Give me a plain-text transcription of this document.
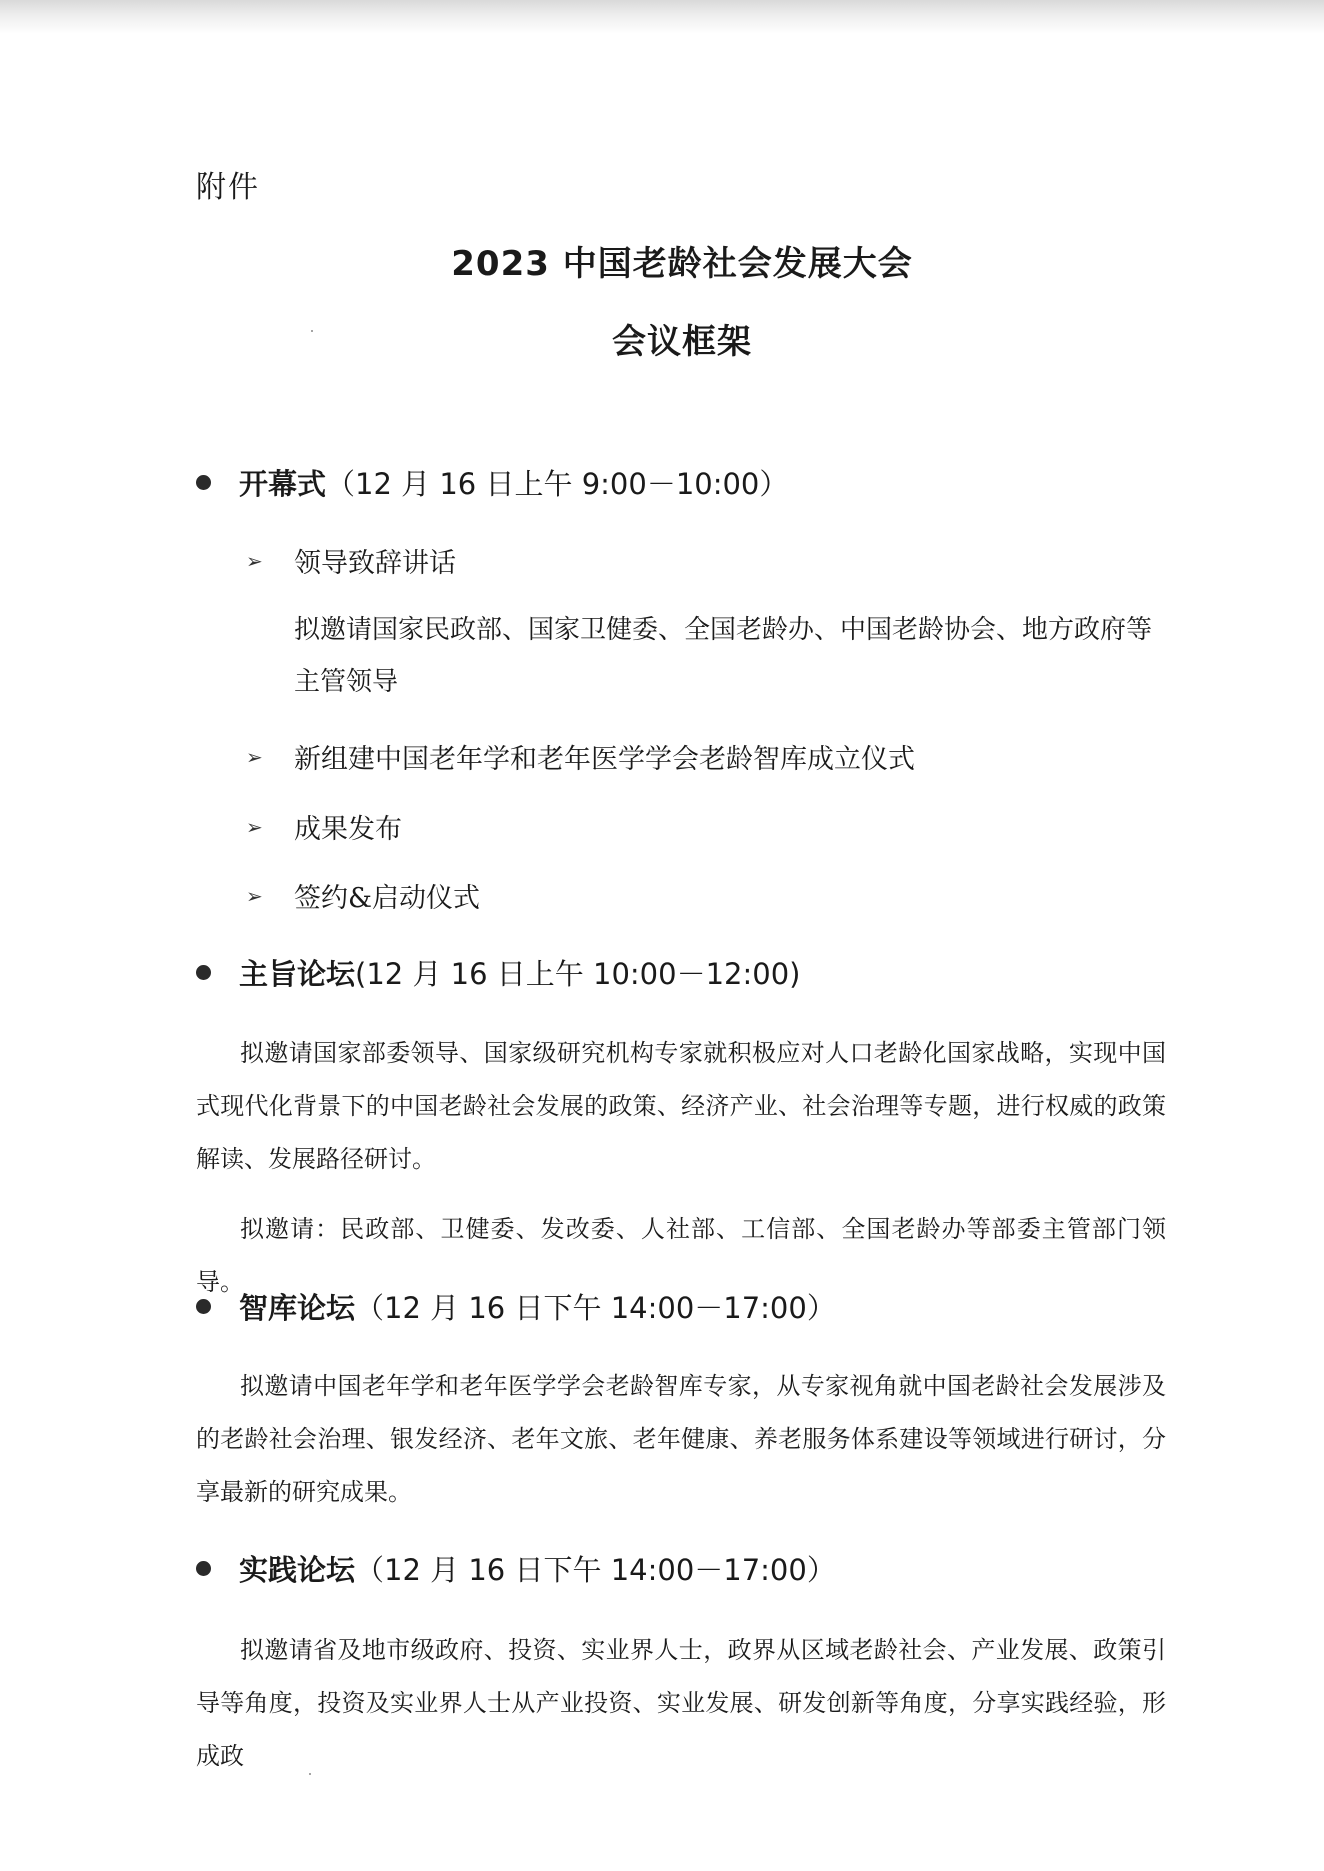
附件
2023 中国老龄社会发展大会
会议框架
开幕式 （12 月 16 日上午 9:00－10:00）
➢	领导致辞讲话
拟邀请国家民政部、国家卫健委、全国老龄办、中国老龄协会、地方政府等主管领导
➢	新组建中国老年学和老年医学学会老龄智库成立仪式
➢	成果发布
➢	签约&启动仪式
主旨论坛 (12 月 16 日上午 10:00－12:00)
拟邀请国家部委领导、国家级研究机构专家就积极应对人口老龄化国家战略，实现中国式现代化背景下的中国老龄社会发展的政策、经济产业、社会治理等专题，进行权威的政策解读、发展路径研讨。
拟邀请：民政部、卫健委、发改委、人社部、工信部、全国老龄办等部委主管部门领导。
智库论坛 （12 月 16 日下午 14:00－17:00）
拟邀请中国老年学和老年医学学会老龄智库专家，从专家视角就中国老龄社会发展涉及的老龄社会治理、银发经济、老年文旅、老年健康、养老服务体系建设等领域进行研讨，分享最新的研究成果。
实践论坛 （12 月 16 日下午 14:00－17:00）
拟邀请省及地市级政府、投资、实业界人士，政界从区域老龄社会、产业发展、政策引导等角度，投资及实业界人士从产业投资、实业发展、研发创新等角度，分享实践经验，形成政
